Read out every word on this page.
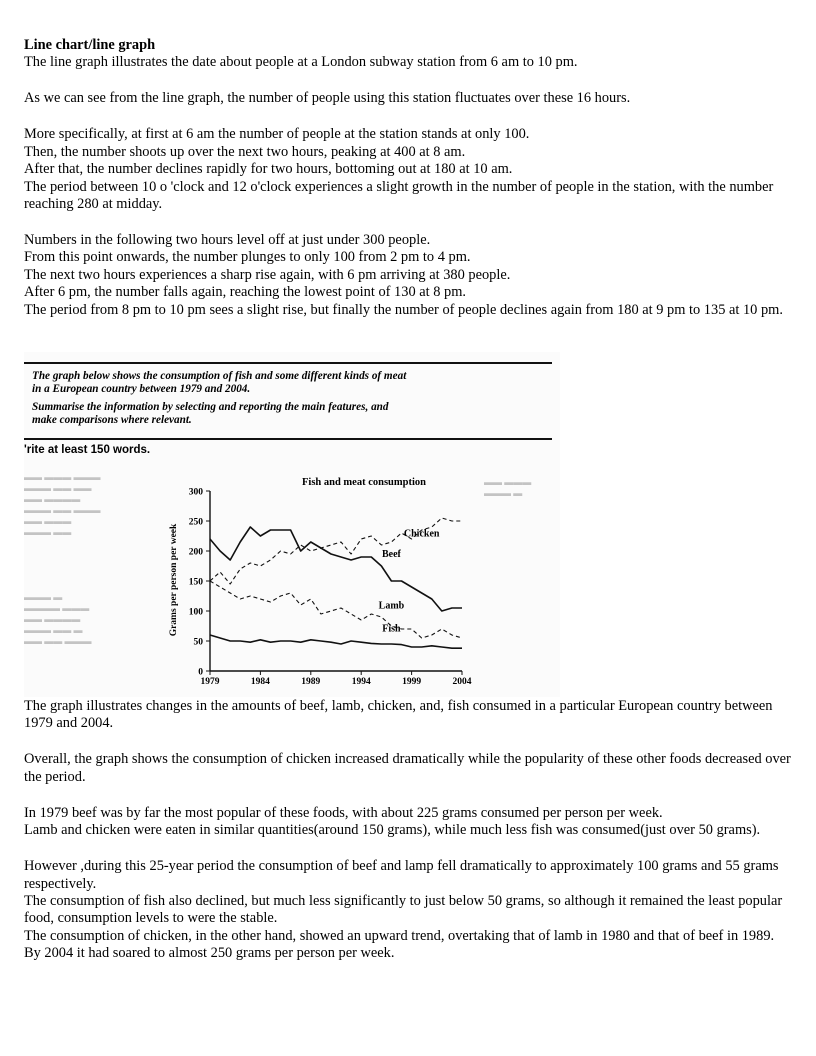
Line chart/line graph

The line graph illustrates the date about people at a London subway station from 6 am to 10 pm.

As we can see from the line graph, the number of people using this station fluctuates over these 16 hours.

More specifically, at first at 6 am the number of people at the station stands at only 100.

Then, the number shoots up over the next two hours, peaking at 400 at 8 am.

After that, the number declines rapidly for two hours, bottoming out at 180 at 10 am.

The period between 10 o 'clock and 12 o'clock experiences a slight growth in the number of people in the station, with the number reaching 280 at midday.

Numbers in the following two hours level off at just under 300 people.

From this point onwards, the number plunges to only 100 from 2 pm to 4 pm.

The next two hours experiences a sharp rise again, with 6 pm arriving at 380 people.

After 6 pm, the number falls again, reaching the lowest point of 130 at 8 pm.

The period from 8 pm to 10 pm sees a slight rise, but finally the number of people declines again from 180 at 9 pm to 135 at 10 pm.

The graph below shows the consumption of fish and some different kinds of meat
in a European country between 1979 and 2004.
Summarise the information by selecting and reporting the main features, and
make comparisons where relevant.
'rite at least 150 words.
▬▬ ▬▬▬ ▬▬▬
▬▬▬ ▬▬ ▬▬
▬▬ ▬▬▬▬
▬▬▬ ▬▬ ▬▬▬
▬▬ ▬▬▬
▬▬▬ ▬▬
▬▬▬ ▬
▬▬▬▬ ▬▬▬
▬▬ ▬▬▬▬
▬▬▬ ▬▬ ▬
▬▬ ▬▬ ▬▬▬
▬▬ ▬▬▬
▬▬▬ ▬
Fish and meat consumption
Grams per person per week
0
50
100
150
200
250
300
1979	1984	1989	1994	1999	2004
Beef
Chicken
Lamb
Fish

The graph illustrates changes in the amounts of beef, lamb, chicken, and, fish consumed in a particular European country between 1979 and 2004.

Overall, the graph shows the consumption of chicken increased dramatically while the popularity of these other foods decreased over the period.

In 1979 beef was by far the most popular of these foods, with about 225 grams consumed per person per week.

Lamb and chicken were eaten in similar quantities(around 150 grams), while much less fish was consumed(just over 50 grams).

However ,during this 25-year period the consumption of beef and lamp fell dramatically to approximately 100 grams and 55 grams respectively.

The consumption of fish also declined, but much less significantly to just below 50 grams, so although it remained the least popular food, consumption levels to were the stable.

The consumption of chicken, in the other hand, showed an upward trend, overtaking that of lamb in 1980 and that of beef in 1989.

By 2004 it had soared to almost 250 grams per person per week.
